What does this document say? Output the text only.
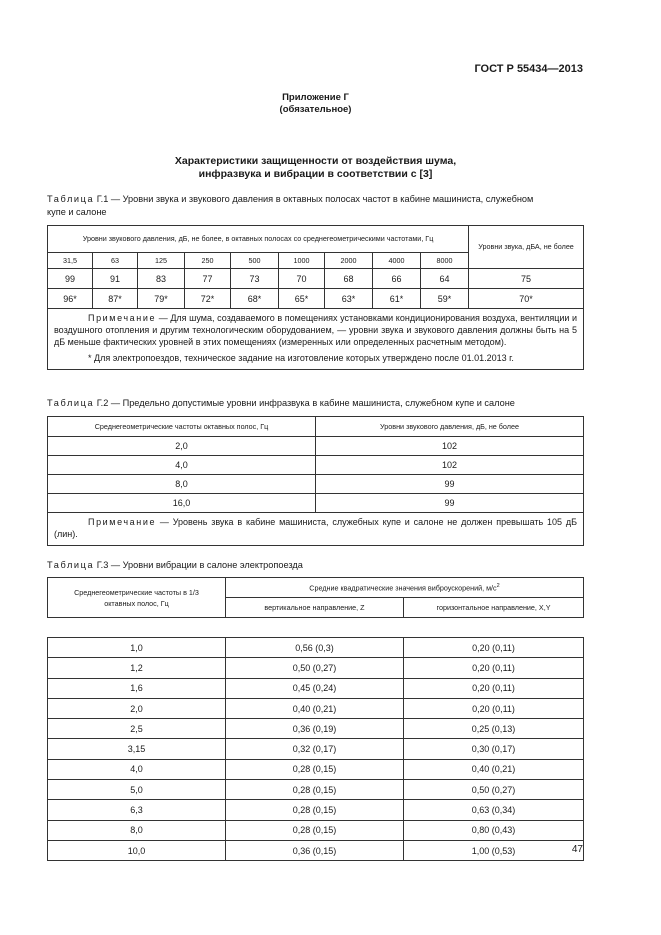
ГОСТ Р 55434—2013
Приложение Г
(обязательное)
Характеристики защищенности от воздействия шума,
инфразвука и вибрации в соответствии с [3]
Таблица Г.1 — Уровни звука и звукового давления в октавных полосах частот в кабине машиниста, служебном
купе и салоне
Уровни звукового давления, дБ, не более, в октавных полосах со среднегеометрическими частотами, Гц									Уровни звука, дБА, не более
31,5	63	125	250	500	1000	2000	4000	8000	
99	91	83	77	73	70	68	66	64	75
96*	87*	79*	72*	68*	65*	63*	61*	59*	70*

Примечание — Для шума, создаваемого в помещениях установками кондиционирования воздуха, вентиляции и воздушного отопления и другим технологическим оборудованием, — уровни звука и звукового давления должны быть на 5 дБ меньше фактических уровней в этих помещениях (измеренных или определенных расчетным методом).

* Для электропоездов, техническое задание на изготовление которых утверждено после 01.01.2013 г.									

Таблица Г.2 — Предельно допустимые уровни инфразвука в кабине машиниста, служебном купе и салоне
Среднегеометрические частоты октавных полос, Гц	Уровни звукового давления, дБ, не более
2,0	102
4,0	102
8,0	99
16,0	99

Примечание — Уровень звука в кабине машиниста, служебных купе и салоне не должен превышать 105 дБ (лин).	

Таблица Г.3 — Уровни вибрации в салоне электропоезда
Среднегеометрические частоты в 1/3 октавных полос, Гц	Средние квадратические значения виброускорений, $м/с^2$
	вертикальное направление, Z	горизонтальное направление, X,Y

1,0	0,56 (0,3)	0,20 (0,11)
1,2	0,50 (0,27)	0,20 (0,11)
1,6	0,45 (0,24)	0,20 (0,11)
2,0	0,40 (0,21)	0,20 (0,11)
2,5	0,36 (0,19)	0,25 (0,13)
3,15	0,32 (0,17)	0,30 (0,17)
4,0	0,28 (0,15)	0,40 (0,21)
5,0	0,28 (0,15)	0,50 (0,27)
6,3	0,28 (0,15)	0,63 (0,34)
8,0	0,28 (0,15)	0,80 (0,43)
10,0	0,36 (0,15)	1,00 (0,53)	47
